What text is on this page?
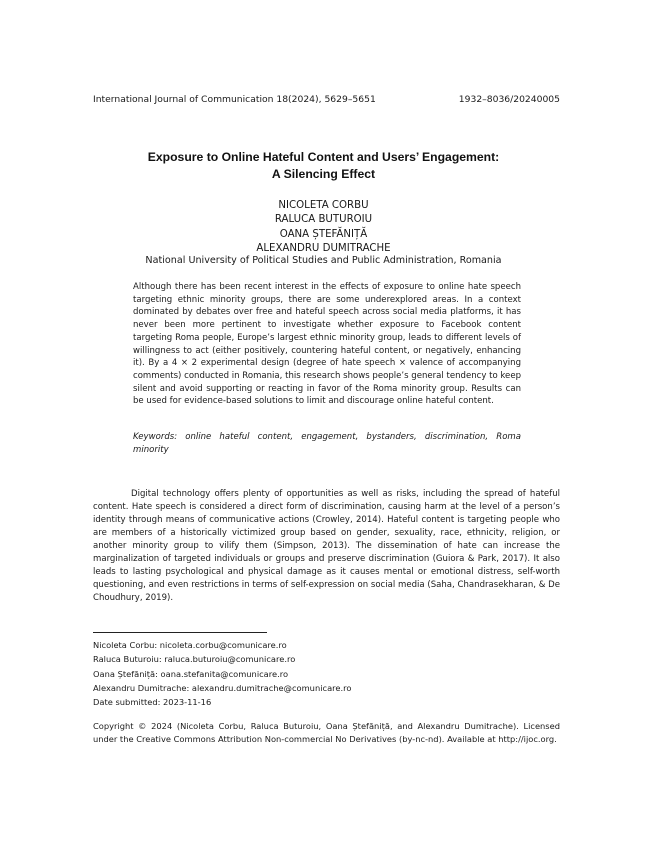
International Journal of Communication 18(2024), 5629–5651	1932–8036/20240005
Exposure to Online Hateful Content and Users’ Engagement:
A Silencing Effect
NICOLETA CORBU
RALUCA BUTUROIU
OANA ȘTEFĂNIȚĂ
ALEXANDRU DUMITRACHE
National University of Political Studies and Public Administration, Romania

Although there has been recent interest in the effects of exposure to online hate speech targeting ethnic minority groups, there are some underexplored areas. In a context dominated by debates over free and hateful speech across social media platforms, it has never been more pertinent to investigate whether exposure to Facebook content targeting Roma people, Europe’s largest ethnic minority group, leads to different levels of willingness to act (either positively, countering hateful content, or negatively, enhancing it). By a 4 × 2 experimental design (degree of hate speech × valence of accompanying comments) conducted in Romania, this research shows people’s general tendency to keep silent and avoid supporting or reacting in favor of the Roma minority group. Results can be used for evidence-based solutions to limit and discourage online hateful content.

Keywords: online hateful content, engagement, bystanders, discrimination, Roma minority

Digital technology offers plenty of opportunities as well as risks, including the spread of hateful content. Hate speech is considered a direct form of discrimination, causing harm at the level of a person’s identity through means of communicative actions (Crowley, 2014). Hateful content is targeting people who are members of a historically victimized group based on gender, sexuality, race, ethnicity, religion, or another minority group to vilify them (Simpson, 2013). The dissemination of hate can increase the marginalization of targeted individuals or groups and preserve discrimination (Guiora & Park, 2017). It also leads to lasting psychological and physical damage as it causes mental or emotional distress, self-worth questioning, and even restrictions in terms of self-expression on social media (Saha, Chandrasekharan, & De Choudhury, 2019).

Nicoleta Corbu: nicoleta.corbu@comunicare.ro
Raluca Buturoiu: raluca.buturoiu@comunicare.ro
Oana Ștefăniță: oana.stefanita@comunicare.ro
Alexandru Dumitrache: alexandru.dumitrache@comunicare.ro
Date submitted: 2023-11-16

Copyright © 2024 (Nicoleta Corbu, Raluca Buturoiu, Oana Ștefăniță, and Alexandru Dumitrache). Licensed under the Creative Commons Attribution Non-commercial No Derivatives (by-nc-nd). Available at http://ijoc.org.
